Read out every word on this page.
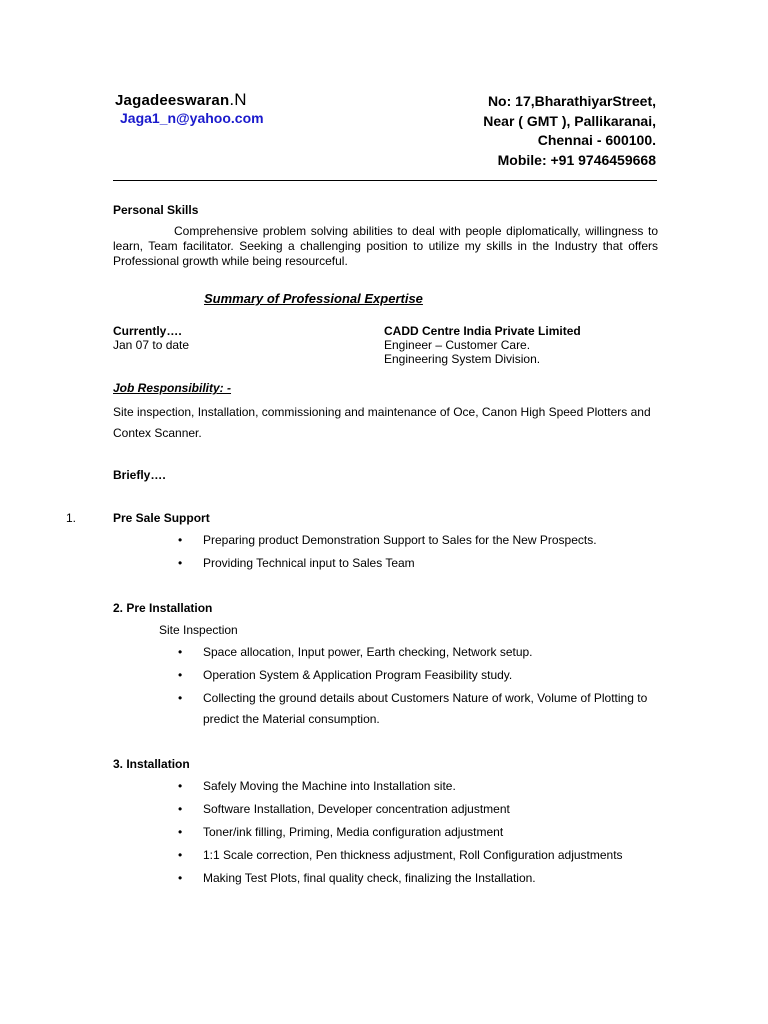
Jagadeeswaran.N
Jaga1_n@yahoo.com
No: 17,BharathiyarStreet,
Near ( GMT ), Pallikaranai,
Chennai - 600100.
Mobile: +91 9746459668
Personal Skills
Comprehensive problem solving abilities to deal with people diplomatically, willingness to learn, Team facilitator. Seeking a challenging position to utilize my skills in the Industry that offers Professional growth while being resourceful.
Summary of Professional Expertise
Currently….
Jan 07 to date
CADD Centre India Private Limited
Engineer – Customer Care.
Engineering System Division.
Job Responsibility: -
Site inspection, Installation, commissioning and maintenance of Oce, Canon High Speed Plotters and Contex Scanner.
Briefly….
1.	Pre Sale Support
• Preparing product Demonstration Support to Sales for the New Prospects.
• Providing Technical input to Sales Team
2. Pre Installation
Site Inspection
• Space allocation, Input power, Earth checking, Network setup.
• Operation System & Application Program Feasibility study.
• Collecting the ground details about Customers Nature of work, Volume of Plotting to predict the Material consumption.
3. Installation
• Safely Moving the Machine into Installation site.
• Software Installation, Developer concentration adjustment
• Toner/ink filling, Priming, Media configuration adjustment
• 1:1 Scale correction, Pen thickness adjustment, Roll Configuration adjustments
• Making Test Plots, final quality check, finalizing the Installation.
